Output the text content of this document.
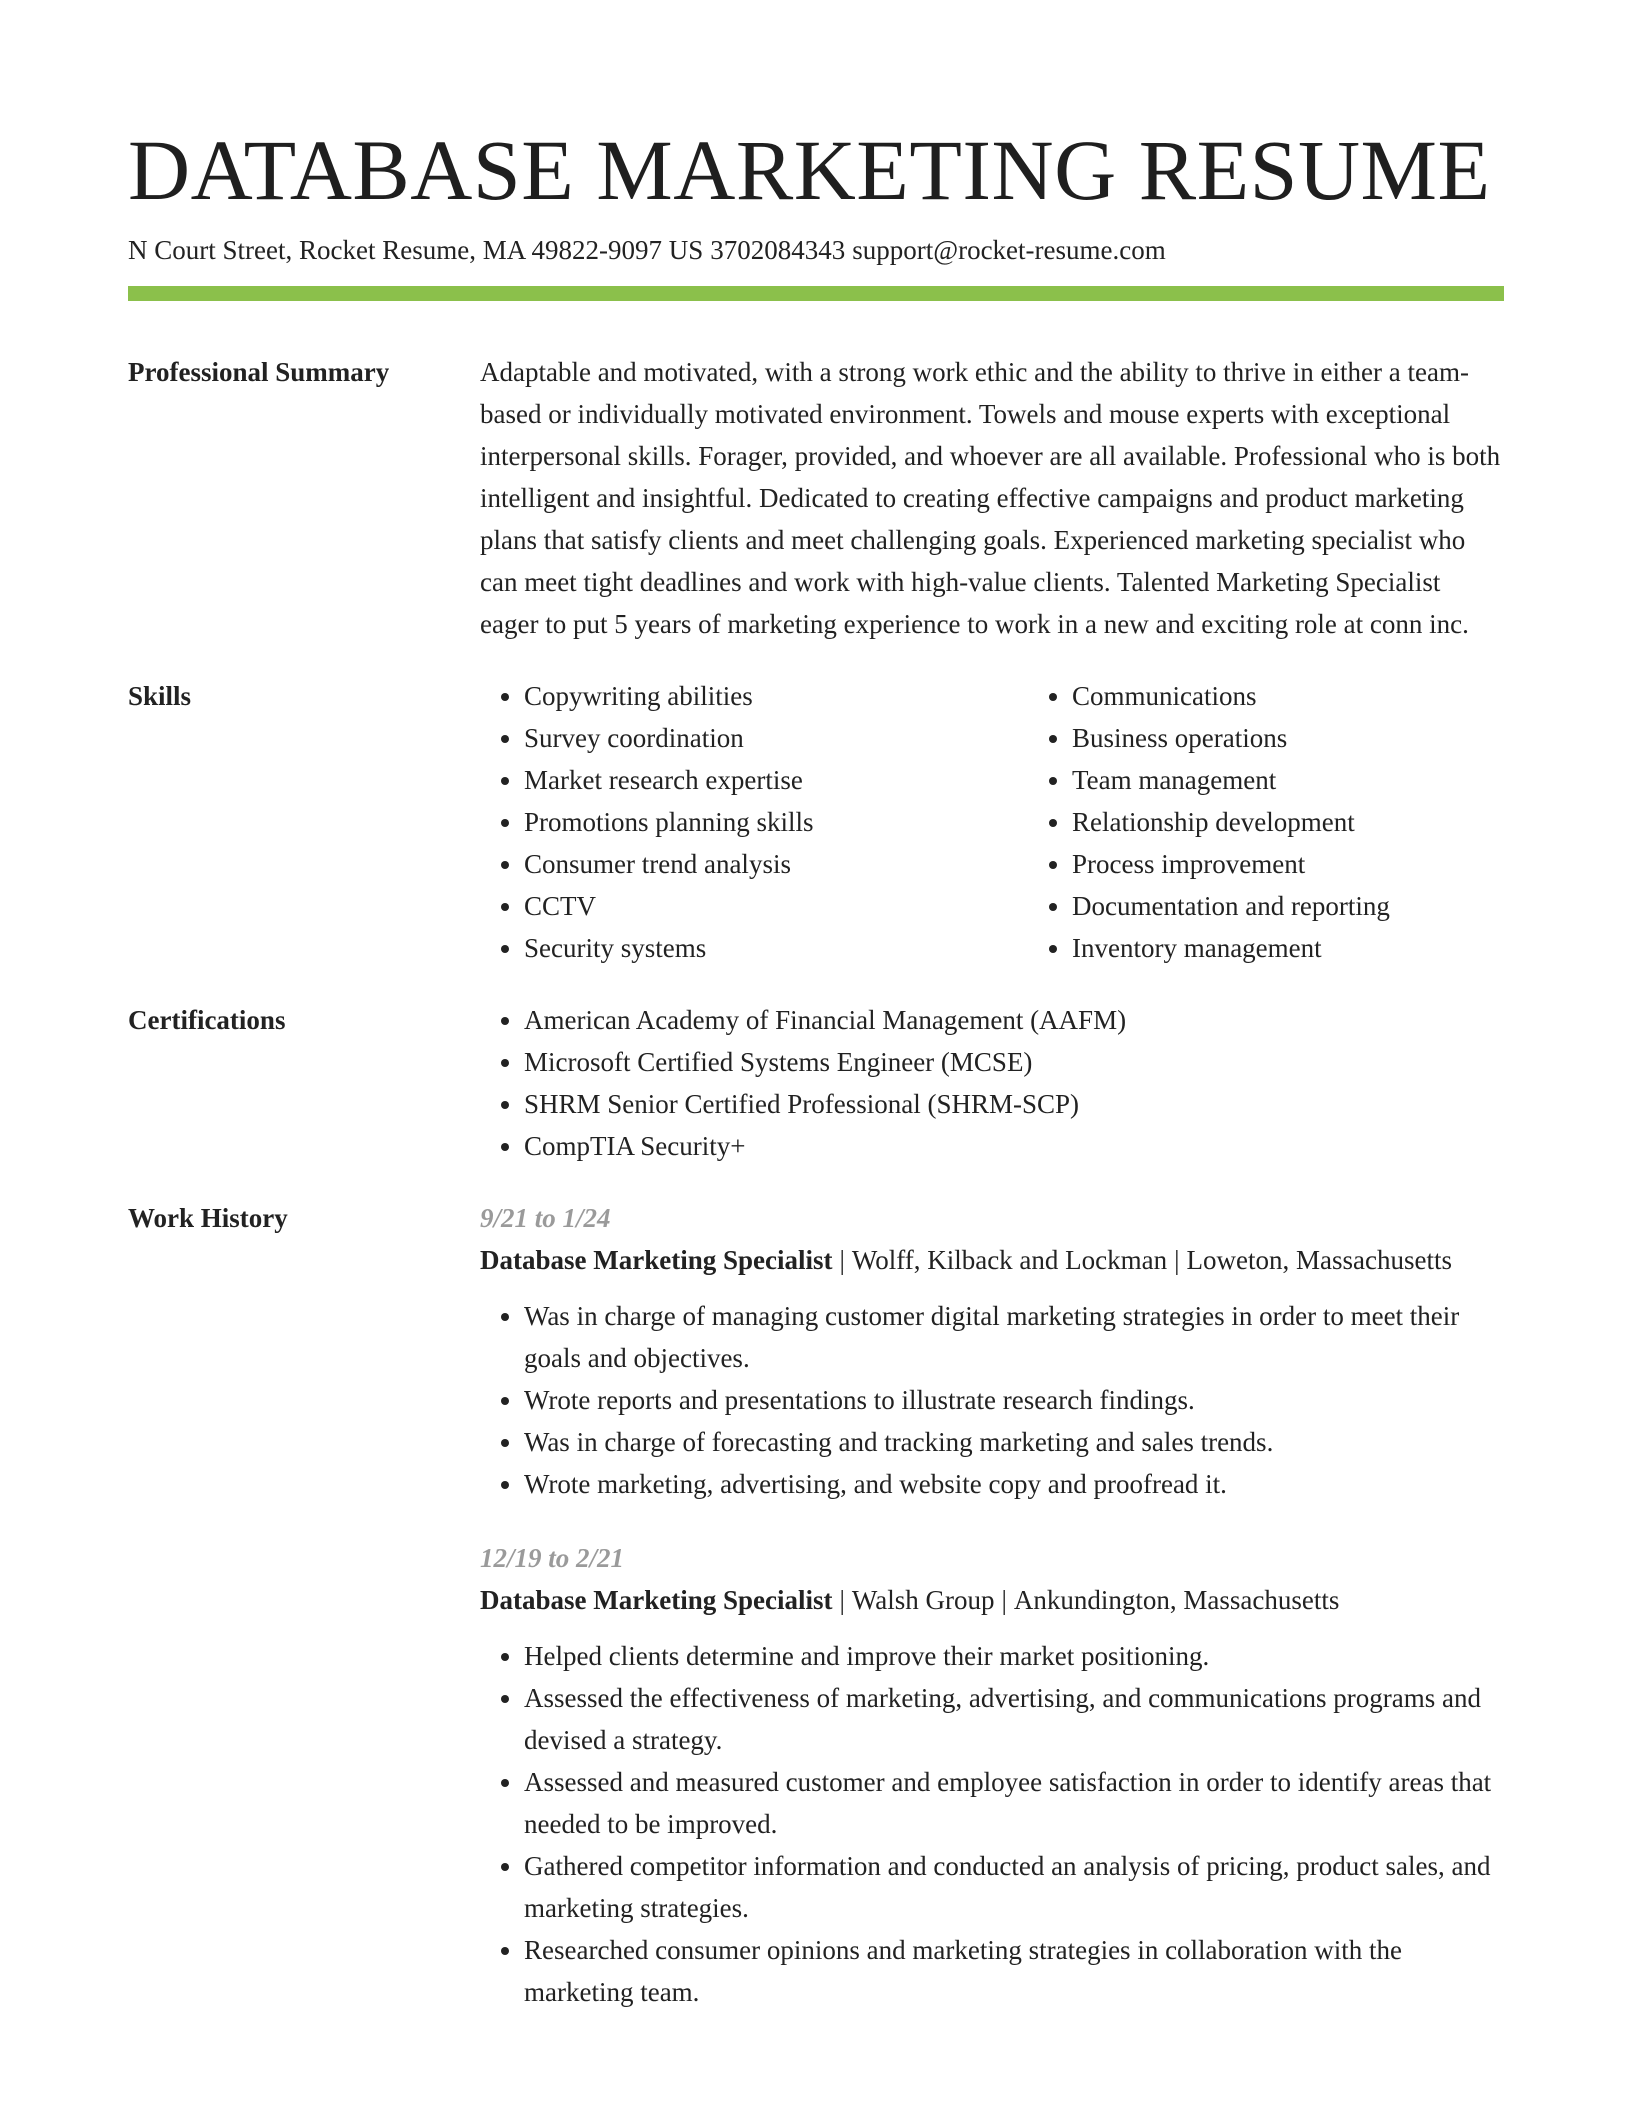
DATABASE MARKETING RESUME
N Court Street, Rocket Resume, MA 49822-9097 US 3702084343 support@rocket-resume.com
Professional Summary	Adaptable and motivated, with a strong work ethic and the ability to thrive in either a team-based or individually motivated environment. Towels and mouse experts with exceptional interpersonal skills. Forager, provided, and whoever are all available. Professional who is both intelligent and insightful. Dedicated to creating effective campaigns and product marketing plans that satisfy clients and meet challenging goals. Experienced marketing specialist who can meet tight deadlines and work with high-value clients. Talented Marketing Specialist eager to put 5 years of marketing experience to work in a new and exciting role at conn inc.

Skills	• Copywriting abilities
• Survey coordination
• Market research expertise
• Promotions planning skills
• Consumer trend analysis
• CCTV
• Security systems
• Communications
• Business operations
• Team management
• Relationship development
• Process improvement
• Documentation and reporting
• Inventory management
Certifications	• American Academy of Financial Management (AAFM)
• Microsoft Certified Systems Engineer (MCSE)
• SHRM Senior Certified Professional (SHRM-SCP)
• CompTIA Security+
Work History	9/21 to 1/24
Database Marketing Specialist | Wolff, Kilback and Lockman | Loweton, Massachusetts
• Was in charge of managing customer digital marketing strategies in order to meet their goals and objectives.
• Wrote reports and presentations to illustrate research findings.
• Was in charge of forecasting and tracking marketing and sales trends.
• Wrote marketing, advertising, and website copy and proofread it.
12/19 to 2/21
Database Marketing Specialist | Walsh Group | Ankundington, Massachusetts
• Helped clients determine and improve their market positioning.
• Assessed the effectiveness of marketing, advertising, and communications programs and devised a strategy.
• Assessed and measured customer and employee satisfaction in order to identify areas that needed to be improved.
• Gathered competitor information and conducted an analysis of pricing, product sales, and marketing strategies.
• Researched consumer opinions and marketing strategies in collaboration with the marketing team.
